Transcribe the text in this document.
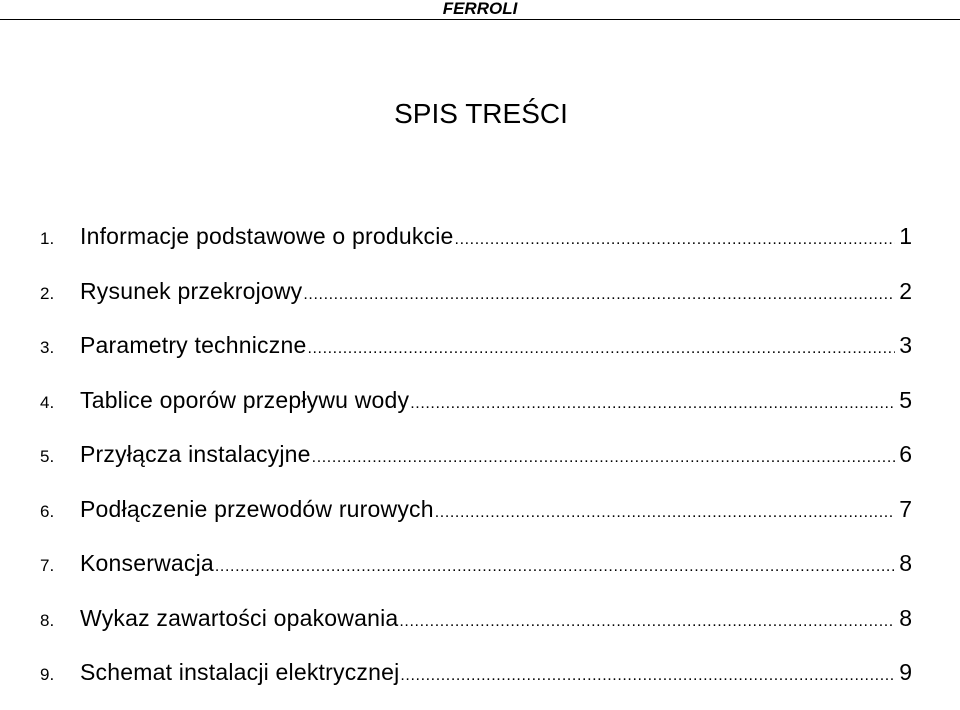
FERROLI
SPIS TREŚCI
1.	Informacje podstawowe o produkcie .....	1
2.	Rysunek przekrojowy .....	2
3.	Parametry techniczne .....	3
4.	Tablice oporów przepływu wody .....	5
5.	Przyłącza instalacyjne .....	6
6.	Podłączenie przewodów rurowych .....	7
7.	Konserwacja .....	8
8.	Wykaz zawartości opakowania .....	8
9.	Schemat instalacji elektrycznej .....	9
